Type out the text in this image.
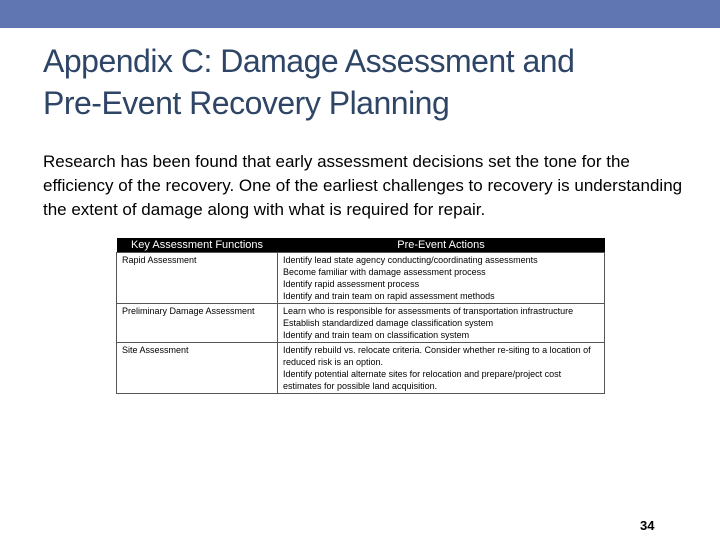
Appendix C: Damage Assessment and
Pre-Event Recovery Planning
Research has been found that early assessment decisions set the tone for the efficiency of the recovery. One of the earliest challenges to recovery is understanding the extent of damage along with what is required for repair.
Key Assessment Functions	Pre-Event Actions
Rapid Assessment	Identify lead state agency conducting/coordinating assessments
Become familiar with damage assessment process
Identify rapid assessment process
Identify and train team on rapid assessment methods

Preliminary Damage Assessment	Learn who is responsible for assessments of transportation infrastructure
Establish standardized damage classification system
Identify and train team on classification system

Site Assessment	Identify rebuild vs. relocate criteria. Consider whether re-siting to a location of reduced risk is an option.
Identify potential alternate sites for relocation and prepare/project cost estimates for possible land acquisition.
34
